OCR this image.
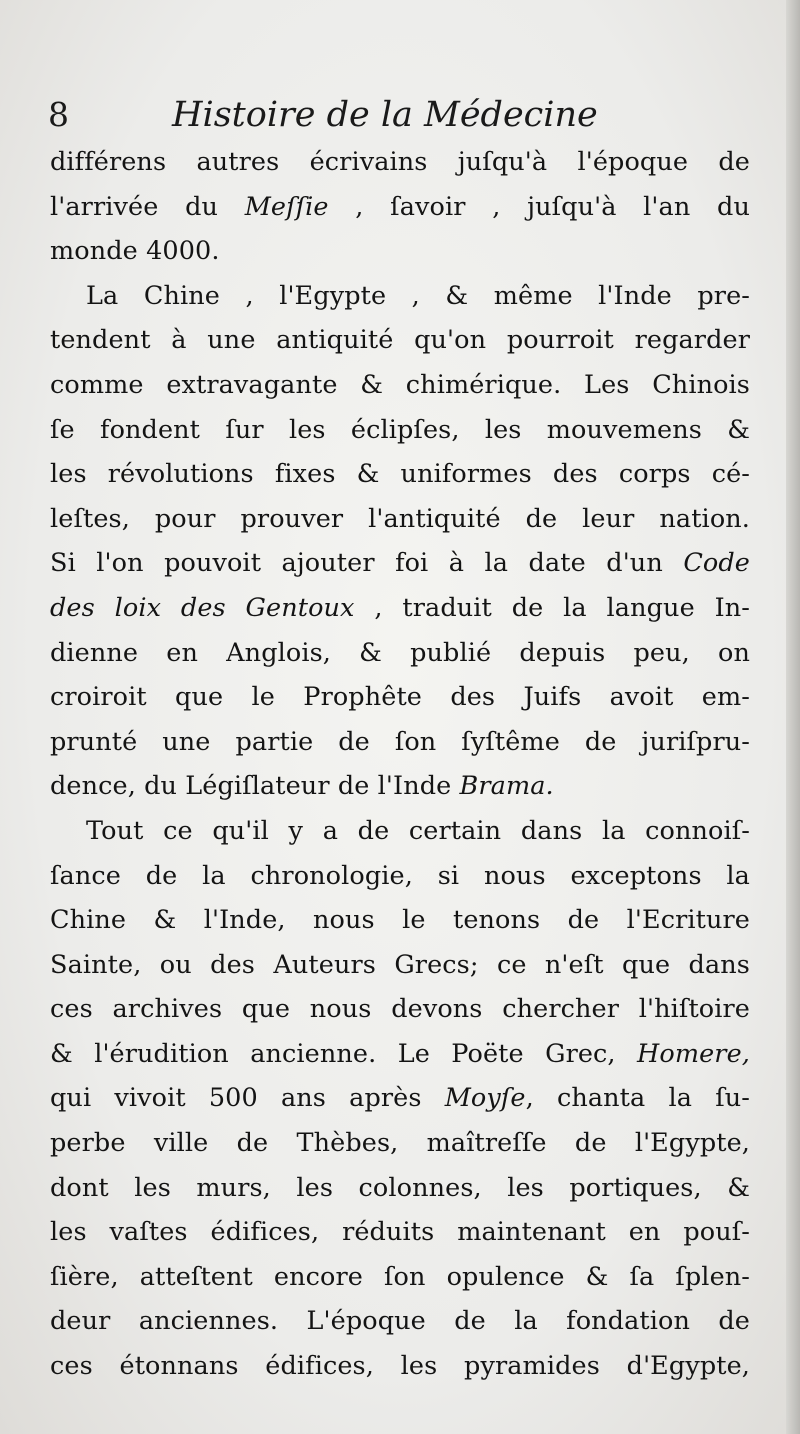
8	Histoire de la Médecine
différens autres écrivains juſqu'à l'époque de
l'arrivée du Meſſie , ſavoir , juſqu'à l'an du
monde 4000.
La Chine , l'Egypte , & même l'Inde pre-
tendent à une antiquité qu'on pourroit regarder
comme extravagante & chimérique. Les Chinois
ſe fondent ſur les éclipſes, les mouvemens &
les révolutions fixes & uniformes des corps cé-
leſtes, pour prouver l'antiquité de leur nation.
Si l'on pouvoit ajouter foi à la date d'un Code
des loix des Gentoux , traduit de la langue In-
dienne en Anglois, & publié depuis peu, on
croiroit que le Prophête des Juifs avoit em-
prunté une partie de ſon ſyſtême de juriſpru-
dence, du Légiſlateur de l'Inde Brama.
Tout ce qu'il y a de certain dans la connoiſ-
ſance de la chronologie, si nous exceptons la
Chine & l'Inde, nous le tenons de l'Ecriture
Sainte, ou des Auteurs Grecs; ce n'eſt que dans
ces archives que nous devons chercher l'hiſtoire
& l'érudition ancienne. Le Poëte Grec, Homere,
qui vivoit 500 ans après Moyſe, chanta la ſu-
perbe ville de Thèbes, maîtreſſe de l'Egypte,
dont les murs, les colonnes, les portiques, &
les vaſtes édifices, réduits maintenant en pouſ-
ſière, atteſtent encore ſon opulence & ſa ſplen-
deur anciennes. L'époque de la fondation de
ces étonnans édifices, les pyramides d'Egypte,
